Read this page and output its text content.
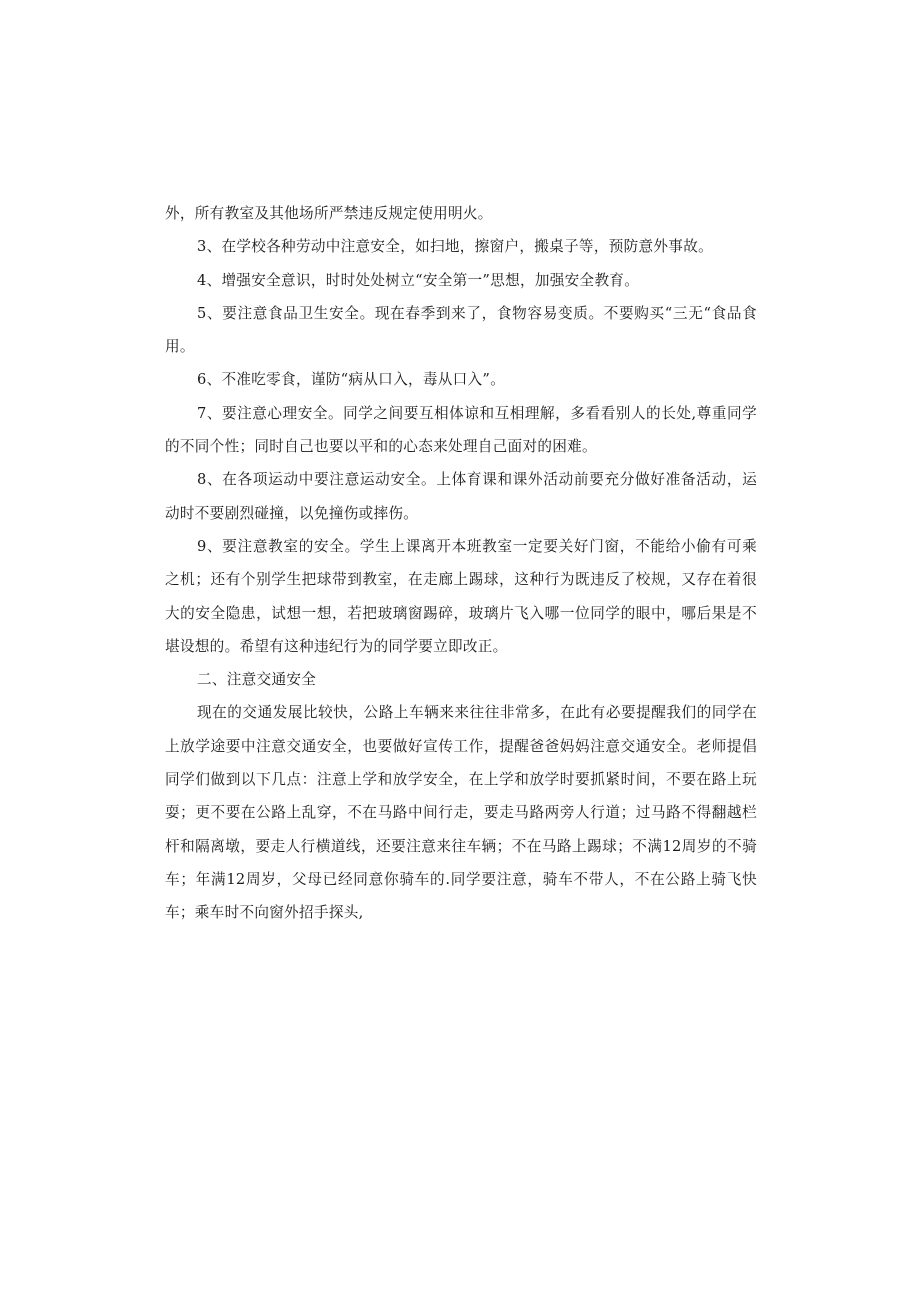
外，所有教室及其他场所严禁违反规定使用明火。

3、在学校各种劳动中注意安全，如扫地，擦窗户，搬桌子等，预防意外事故。

4、增强安全意识，时时处处树立“安全第一”思想，加强安全教育。

5、要注意食品卫生安全。现在春季到来了，食物容易变质。不要购买“三无“食品食用。

6、不准吃零食，谨防“病从口入，毒从口入”。

7、要注意心理安全。同学之间要互相体谅和互相理解，多看看别人的长处,尊重同学的不同个性；同时自己也要以平和的心态来处理自己面对的困难。

8、在各项运动中要注意运动安全。上体育课和课外活动前要充分做好准备活动，运动时不要剧烈碰撞，以免撞伤或摔伤。

9、要注意教室的安全。学生上课离开本班教室一定要关好门窗，不能给小偷有可乘之机；还有个别学生把球带到教室，在走廊上踢球，这种行为既违反了校规，又存在着很大的安全隐患，试想一想，若把玻璃窗踢碎，玻璃片飞入哪一位同学的眼中，哪后果是不堪设想的。希望有这种违纪行为的同学要立即改正。

二、注意交通安全

现在的交通发展比较快，公路上车辆来来往往非常多，在此有必要提醒我们的同学在上放学途要中注意交通安全，也要做好宣传工作，提醒爸爸妈妈注意交通安全。老师提倡同学们做到以下几点：注意上学和放学安全，在上学和放学时要抓紧时间，不要在路上玩耍；更不要在公路上乱穿，不在马路中间行走，要走马路两旁人行道；过马路不得翻越栏杆和隔离墩，要走人行横道线，还要注意来往车辆；不在马路上踢球；不满12周岁的不骑车；年满12周岁，父母已经同意你骑车的.同学要注意，骑车不带人，不在公路上骑飞快车；乘车时不向窗外招手探头,
